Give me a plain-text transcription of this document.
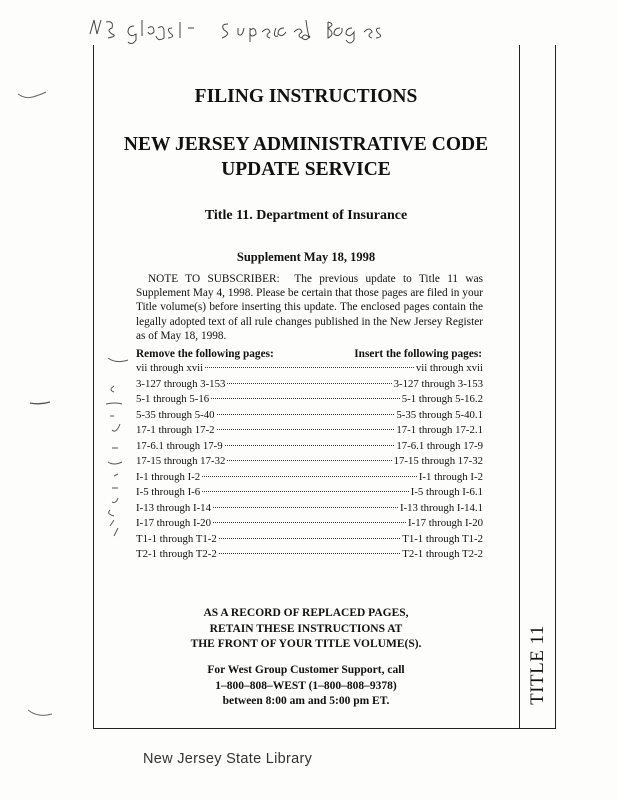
TITLE 11
FILING INSTRUCTIONS
NEW JERSEY ADMINISTRATIVE CODE
UPDATE SERVICE
Title 11. Department of Insurance
Supplement May 18, 1998
NOTE TO SUBSCRIBER: The previous update to Title 11 was Supplement May 4, 1998. Please be certain that those pages are filed in your Title volume(s) before inserting this update. The enclosed pages contain the legally adopted text of all rule changes published in the New Jersey Register as of May 18, 1998.
Remove the following pages:	Insert the following pages:
vii through xvii	vii through xvii
3-127 through 3-153	3-127 through 3-153
5-1 through 5-16	5-1 through 5-16.2
5-35 through 5-40	5-35 through 5-40.1
17-1 through 17-2	17-1 through 17-2.1
17-6.1 through 17-9	17-6.1 through 17-9
17-15 through 17-32	17-15 through 17-32
I-1 through I-2	I-1 through I-2
I-5 through I-6	I-5 through I-6.1
I-13 through I-14	I-13 through I-14.1
I-17 through I-20	I-17 through I-20
T1-1 through T1-2	T1-1 through T1-2
T2-1 through T2-2	T2-1 through T2-2
AS A RECORD OF REPLACED PAGES,
RETAIN THESE INSTRUCTIONS AT
THE FRONT OF YOUR TITLE VOLUME(S).
For West Group Customer Support, call
1–800–808–WEST (1–800–808–9378)
between 8:00 am and 5:00 pm ET.
New Jersey State Library
